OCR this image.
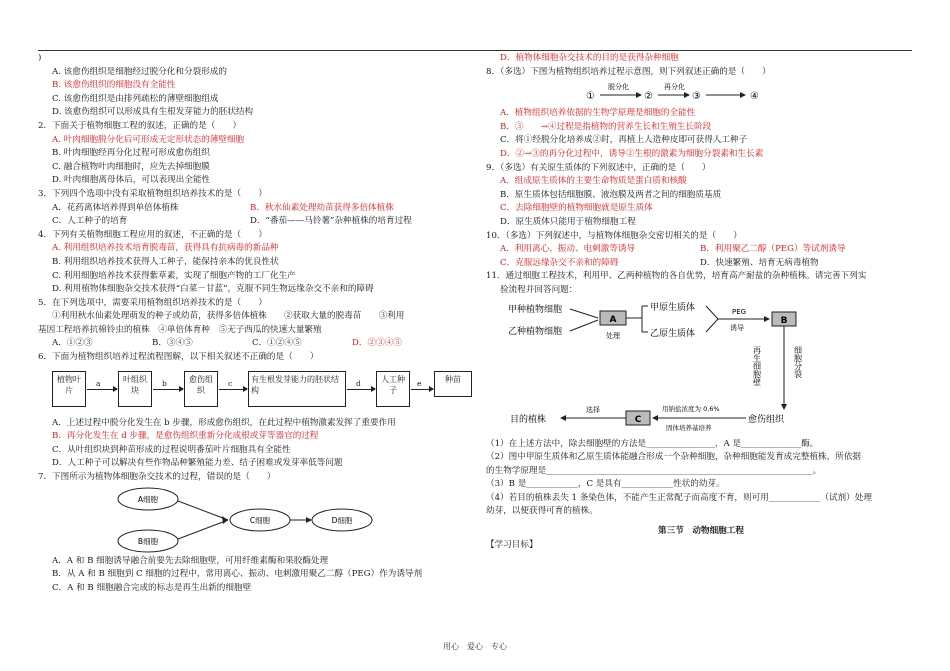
)
A. 该愈伤组织是细胞经过脱分化和分裂形成的
B. 该愈伤组织的细胞没有全能性
C. 该愈伤组织是由排列疏松的薄壁细胞组成
D. 该愈伤组织可以形成具有生根发芽能力的胚状结构
2．下面关于植物细胞工程的叙述，正确的是（　　）
A. 叶肉细胞脱分化后可形成无定形状态的薄壁细胞
B. 叶肉细胞经再分化过程可形成愈伤组织
C. 融合植物叶肉细胞时，应先去掉细胞膜
D. 叶肉细胞离母体后，可以表现出全能性
3．下列四个选项中没有采取植物组织培养技术的是（　　）
A．花药离体培养得到单倍体植株	B．秋水仙素处理幼苗获得多倍体植株
C．人工种子的培育	D．“番茄——马铃薯”杂种植株的培育过程
4．下列有关植物细胞工程应用的叙述，不正确的是（　　）
A. 利用组织培养技术培育脱毒苗，获得具有抗病毒的新品种
B. 利用组织培养技术获得人工种子，能保持亲本的优良性状
C. 利用细胞培养技术获得紫草素，实现了细胞产物的工厂化生产
D. 利用植物体细胞杂交技术获得“白菜－甘蓝”，克服不同生物远缘杂交不亲和的障碍
5．在下列选项中，需要采用植物组织培养技术的是（　　）
①利用秋水仙素处理萌发的种子或幼苗，获得多倍体植株　　②获取大量的脱毒苗　　③利用
基因工程培养抗棉铃虫的植株　④单倍体育种　⑤无子西瓜的快速大量繁殖
A．①②③	B．③④⑤	C．①②④⑤	D．②③④⑤
6．下面为植物组织培养过程流程图解，以下相关叙述不正确的是（　　）
植物叶片
a	叶组织块
b	愈伤组织
c	有生根发芽能力的胚状结构
d	人工种子
e	种苗
A．上述过程中脱分化发生在 b 步骤，形成愈伤组织，在此过程中植物激素发挥了重要作用
B．再分化发生在 d 步骤，是愈伤组织重新分化成根或芽等器官的过程
C．从叶组织块到种苗形成的过程说明番茄叶片细胞具有全能性
D．人工种子可以解决有些作物品种繁殖能力差、结子困难或发芽率低等问题
7．下图所示为植物体细胞杂交技术的过程，错误的是（　　）
A细胞
B细胞
C细胞	D细胞
A．A 和 B 细胞诱导融合前要先去除细胞壁，可用纤维素酶和果胶酶处理
B．从 A 和 B 细胞到 C 细胞的过程中，常用离心、振动、电刺激用聚乙二醇（PEG）作为诱导剂
C．A 和 B 细胞融合完成的标志是再生出新的细胞壁
D．植物体细胞杂交技术的目的是获得杂种细胞
8．（多选）下图为植物组织培养过程示意图，则下列叙述正确的是（　　）
①
脱分化
②
再分化
③	④
A．植物组织培养依据的生物学原理是细胞的全能性
B．③　　→④过程是指植物的营养生长和生殖生长阶段
C．将①经脱分化培养成②时，再植上人造种皮即可获得人工种子
D．②→③的再分化过程中，诱导②生根的激素为细胞分裂素和生长素
9．（多选）有关原生质体的下列叙述中，正确的是（　　）
A．组成原生质体的主要生命物质是蛋白质和核酸
B．原生质体包括细胞膜、液泡膜及两者之间的细胞质基质
C．去除细胞壁的植物细胞就是原生质体
D．原生质体只能用于植物细胞工程
10．（多选）下列叙述中，与植物体细胞杂交密切相关的是（　　）
A．利用离心、振动、电刺激等诱导	B．利用聚乙二醇（PEG）等试剂诱导
C．克服远缘杂交不亲和的障碍	D．快速繁殖、培育无病毒植物
11．通过细胞工程技术，利用甲、乙两种植物的各自优势，培育高产耐盐的杂种植株。请完善下列实
验流程并回答问题：
甲种植物细胞
乙种植物细胞
A
处理
甲原生质体
乙原生质体
PEG
诱导
B
再生细胞壁	细胞分裂
愈伤组织
用钠盐浓度为 0.6%
固体培养基培养
C
选择
目的植株
（1）在上述方法中，除去细胞壁的方法是________________，A 是______________酶。
（2）图中甲原生质体和乙原生质体能融合形成一个杂种细胞，杂种细胞能发育成完整植株，所依据
的生物学原理是______________________________________________________________。
（3）B 是____________，C 是具有____________性状的幼芽。
（4）若目的植株丢失 1 条染色体，不能产生正常配子而高度不育，则可用____________（试剂）处理
幼芽，以便获得可育的植株。
第三节　动物细胞工程
【学习目标】
用心　爱心　专心
